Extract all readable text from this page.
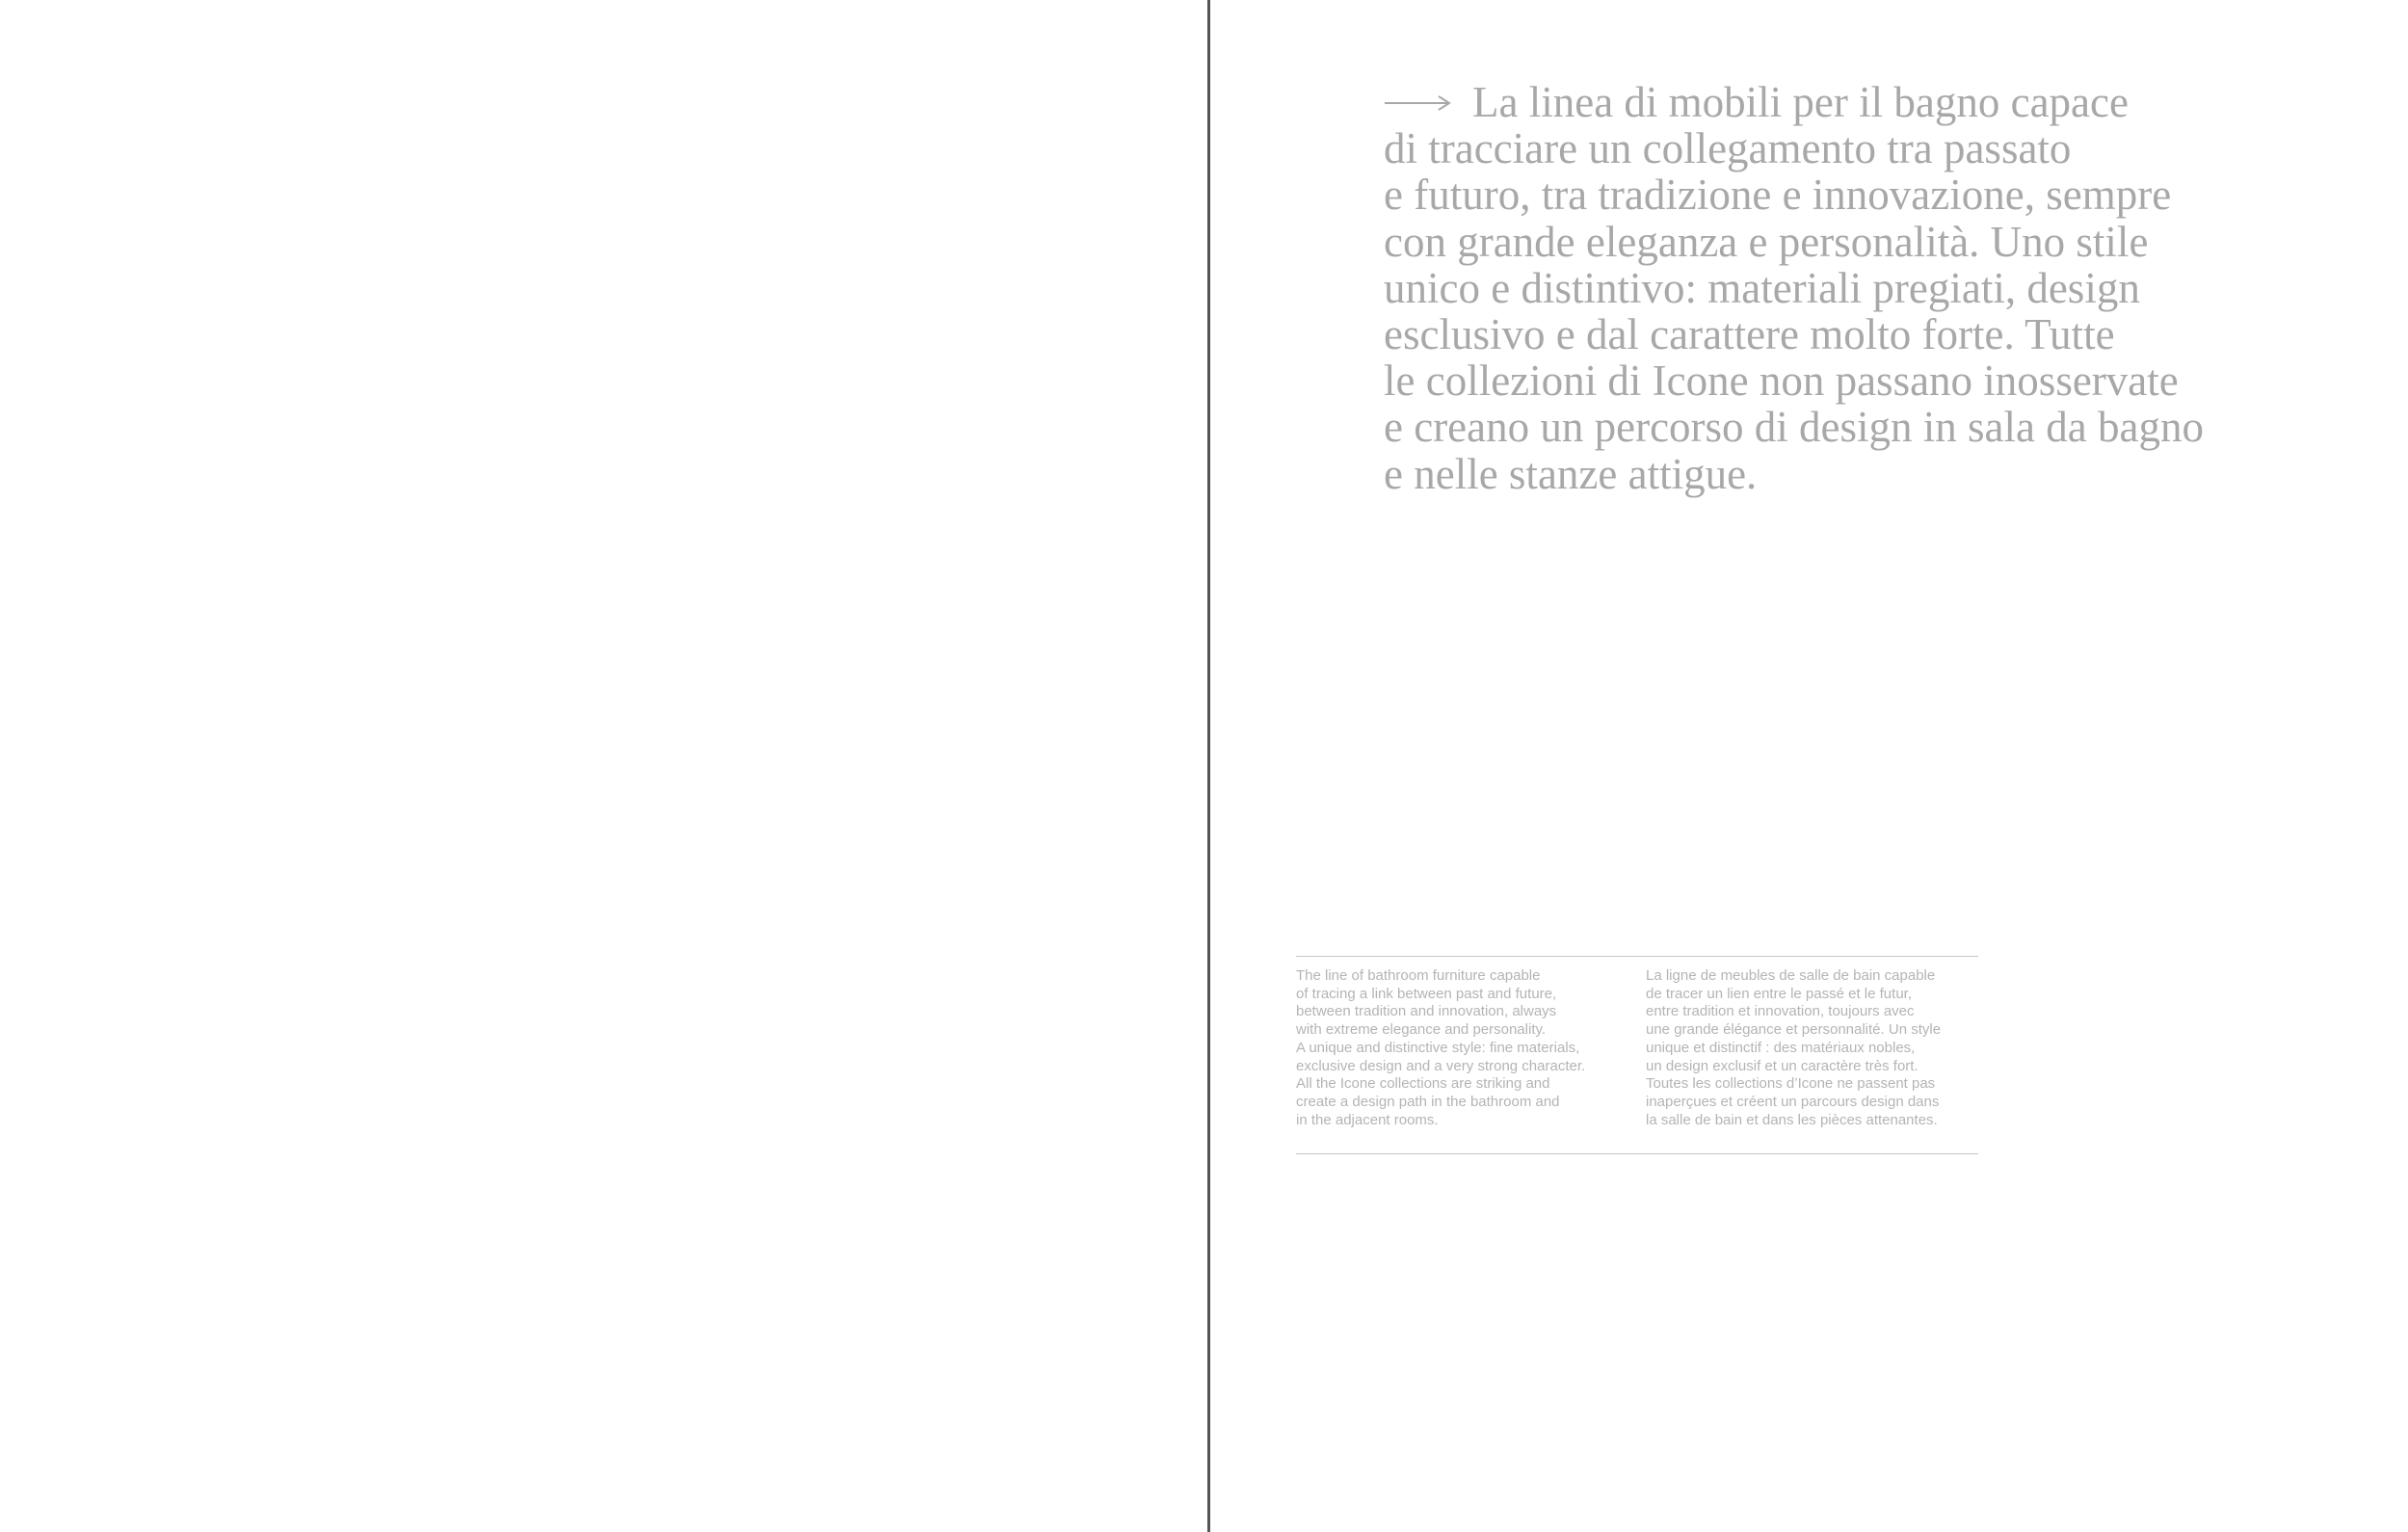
La linea di mobili per il bagno capace
di tracciare un collegamento tra passato
e futuro, tra tradizione e innovazione, sempre
con grande eleganza e personalità. Uno stile
unico e distintivo: materiali pregiati, design
esclusivo e dal carattere molto forte. Tutte
le collezioni di Icone non passano inosservate
e creano un percorso di design in sala da bagno
e nelle stanze attigue.

The line of bathroom furniture capable
of tracing a link between past and future,
between tradition and innovation, always
with extreme elegance and personality.
A unique and distinctive style: fine materials,
exclusive design and a very strong character.
All the Icone collections are striking and
create a design path in the bathroom and
in the adjacent rooms.

La ligne de meubles de salle de bain capable
de tracer un lien entre le passé et le futur,
entre tradition et innovation, toujours avec
une grande élégance et personnalité. Un style
unique et distinctif : des matériaux nobles,
un design exclusif et un caractère très fort.
Toutes les collections d’Icone ne passent pas
inaperçues et créent un parcours design dans
la salle de bain et dans les pièces attenantes.
